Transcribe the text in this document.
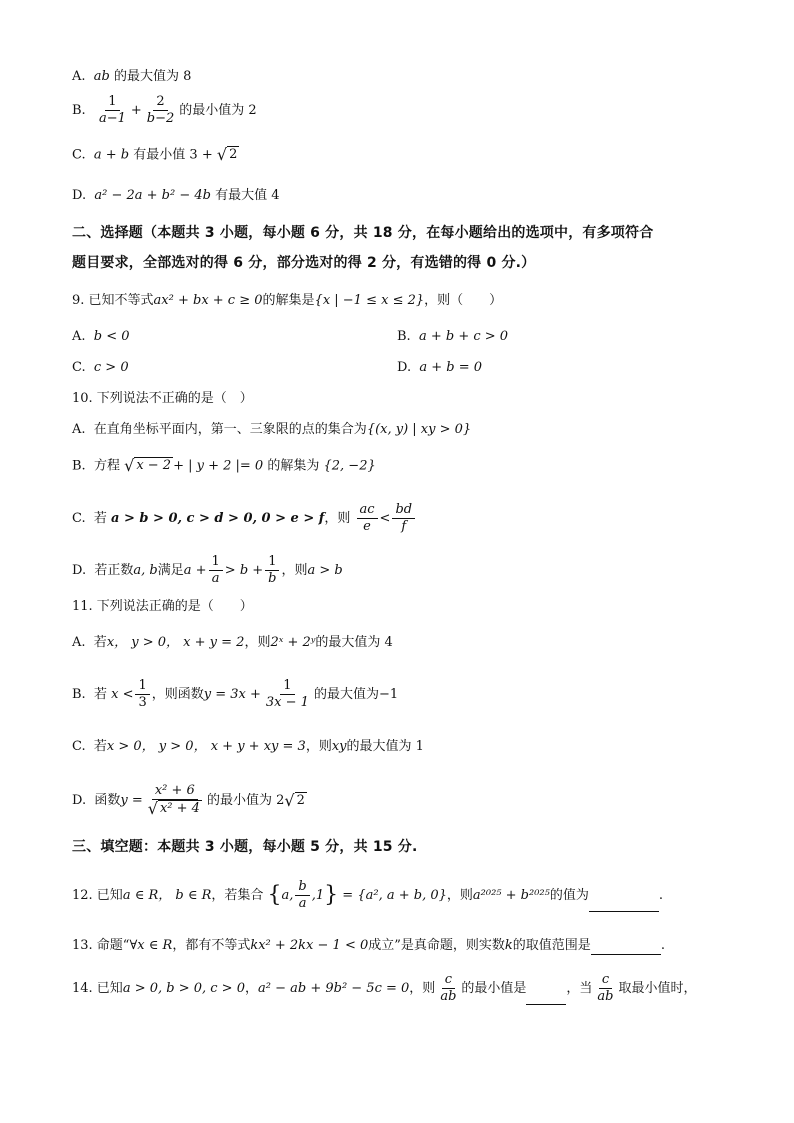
A. ab 的最大值为 8
B. $\frac{1}{a-1} + \frac{2}{b-2}$ 的最小值为 2
C. a + b 有最小值 3 + √ 2
D. a² − 2a + b² − 4b 有最大值 4
二、选择题（本题共 3 小题，每小题 6 分，共 18 分，在每小题给出的选项中，有多项符合
题目要求，全部选对的得 6 分，部分选对的得 2 分，有选错的得 0 分.）
9. 已知不等式ax² + bx + c ≥ 0的解集是{x | −1 ≤ x ≤ 2}，则（　　）
A. b < 0	B. a + b + c > 0
C. c > 0	D. a + b = 0
10. 下列说法不正确的是（　）
A. 在直角坐标平面内，第一、三象限的点的集合为{(x, y) | xy > 0}
B. 方程 √ x − 2 + | y + 2 |= 0 的解集为 {2, −2}
C. 若 a > b > 0, c > d > 0, 0 > e > f，则 $\frac{ac}{e} < \frac{bd}{f}$
D. 若正数a, b满足$a + \frac{1}{a} > b + \frac{1}{b}$ ，则a > b
11. 下列说法正确的是（　　）
A. 若x， y > 0， x + y = 2，则2ˣ + 2ʸ的最大值为 4
B. 若 $x < \frac{1}{3}$ ，则函数$y = 3x + \frac{1}{3x - 1}$ 的最大值为−1
C. 若x > 0， y > 0， x + y + xy = 3，则xy的最大值为 1
D. 函数$y = \frac{\text{x² + 6}}{\text{√ x² + 4}}$ 的最小值为 2 √ 2
三、填空题：本题共 3 小题，每小题 5 分，共 15 分.
12. 已知a ∈ R， b ∈ R，若集合 {a, $\frac{b}{a} ,1\} = \{a^2$, a + b, 0}，则a²⁰²⁵ + b²⁰²⁵的值为	.
13. 命题“∀x ∈ R，都有不等式kx² + 2kx − 1 < 0成立”是真命题，则实数k的取值范围是	.
14. 已知a > 0, b > 0, c > 0，a² − ab + 9b² − 5c = 0，则 $\frac{c}{ab}$ 的最小值是	，当 $\frac{c}{ab}$ 取最小值时，
